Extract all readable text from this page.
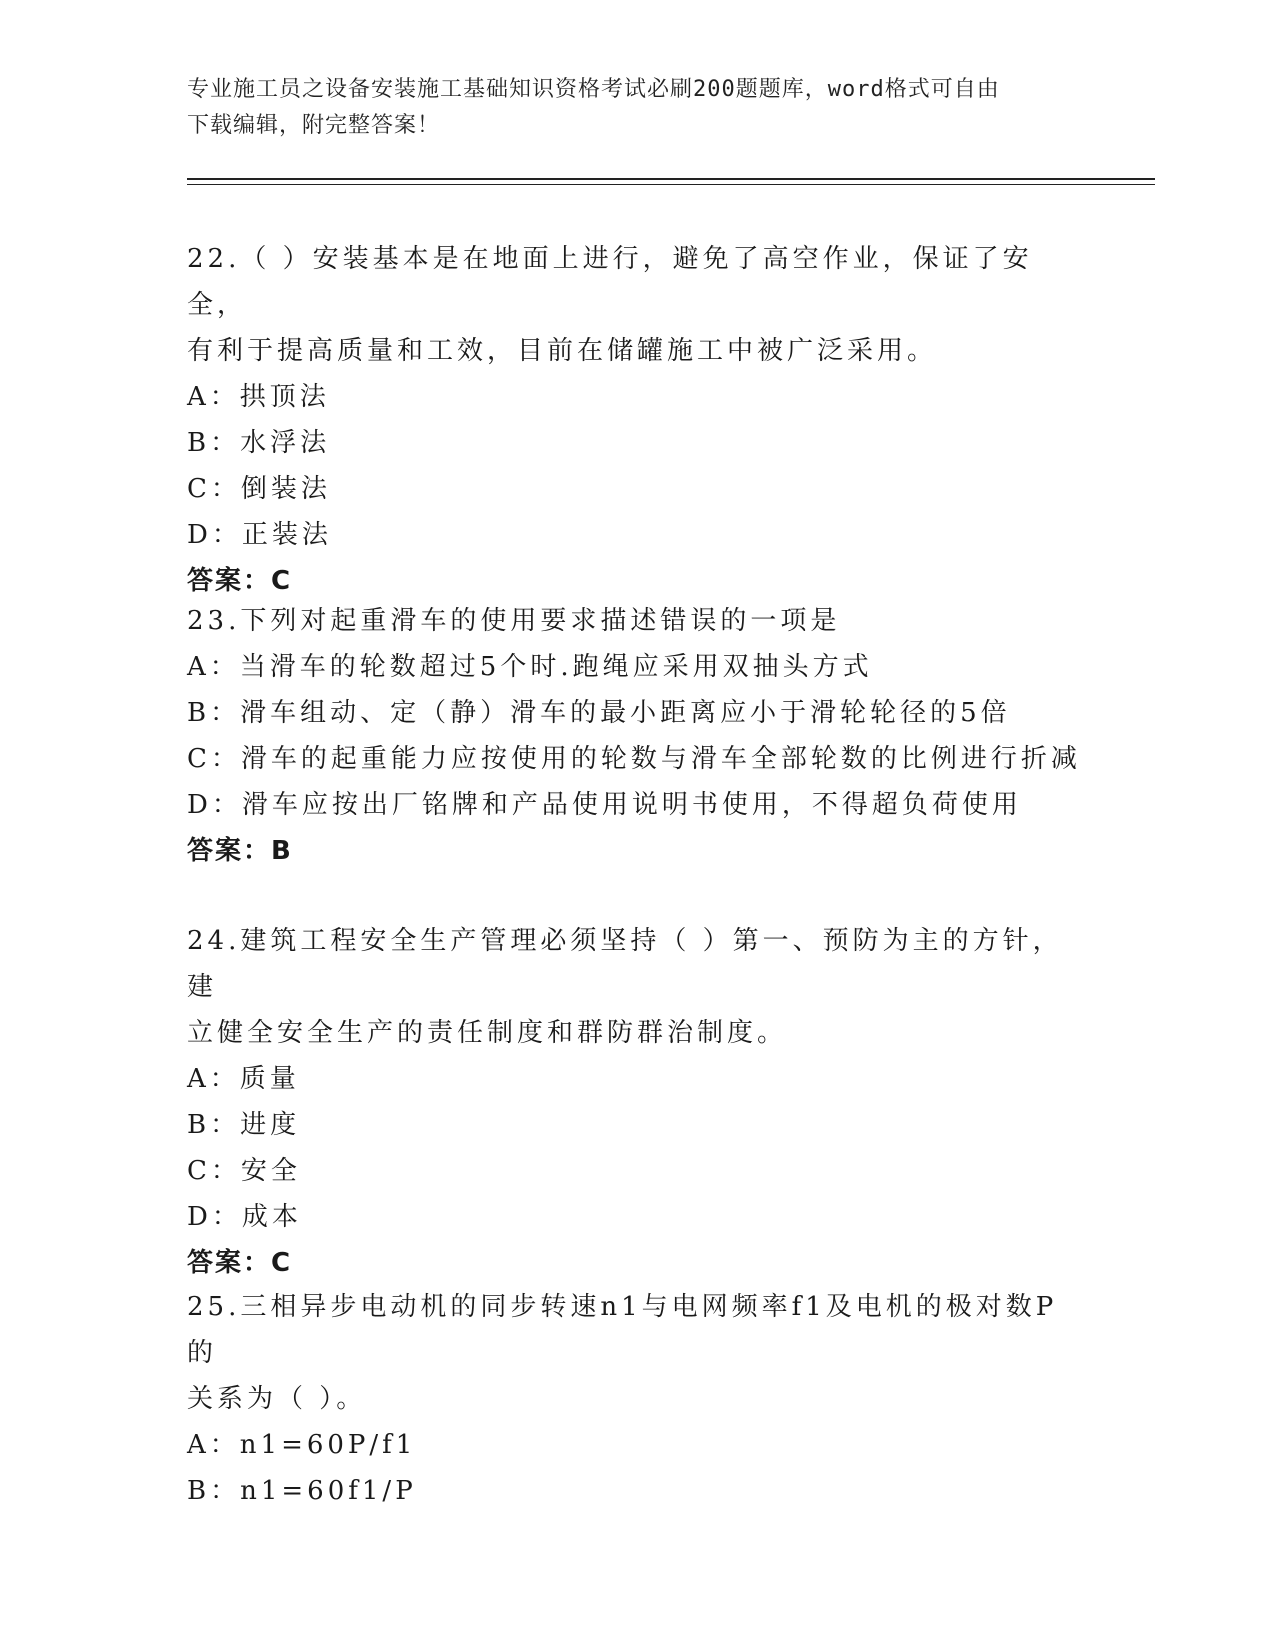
专业施工员之设备安装施工基础知识资格考试必刷200题题库，word格式可自由
下载编辑，附完整答案！

22.（ ）安装基本是在地面上进行，避免了高空作业，保证了安全，

有利于提高质量和工效，目前在储罐施工中被广泛采用。

A：拱顶法

B：水浮法

C：倒装法

D：正装法

答案：C

23.下列对起重滑车的使用要求描述错误的一项是

A：当滑车的轮数超过5个时.跑绳应采用双抽头方式

B：滑车组动、定（静）滑车的最小距离应小于滑轮轮径的5倍

C：滑车的起重能力应按使用的轮数与滑车全部轮数的比例进行折减

D：滑车应按出厂铭牌和产品使用说明书使用，不得超负荷使用

答案：B

24.建筑工程安全生产管理必须坚持（ ）第一、预防为主的方针，建

立健全安全生产的责任制度和群防群治制度。

A：质量

B：进度

C：安全

D：成本

答案：C

25.三相异步电动机的同步转速n1与电网频率f1及电机的极对数P的

关系为（ ）。

A：n1=60P/f1

B：n1=60f1/P
